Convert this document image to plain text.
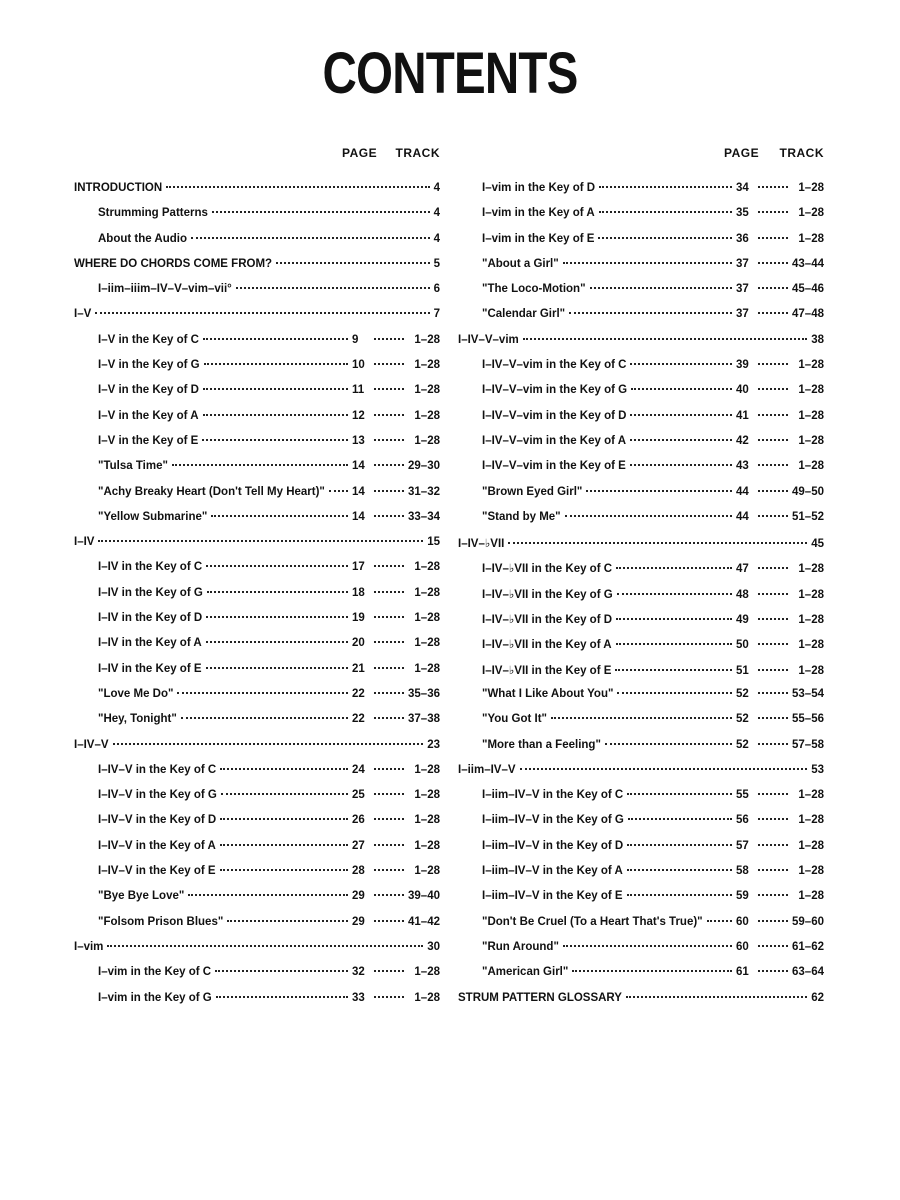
CONTENTS
PAGE TRACK
INTRODUCTION	4
Strumming Patterns	4
About the Audio	4
WHERE DO CHORDS COME FROM?	5
I–iim–iiim–IV–V–vim–vii°	6
I–V	7
I–V in the Key of C	9	1–28
I–V in the Key of G	10	1–28
I–V in the Key of D	11	1–28
I–V in the Key of A	12	1–28
I–V in the Key of E	13	1–28
"Tulsa Time"	14	29–30
"Achy Breaky Heart (Don't Tell My Heart)" 14	31–32
"Yellow Submarine"	14	33–34
I–IV	15
I–IV in the Key of C	17	1–28
I–IV in the Key of G	18	1–28
I–IV in the Key of D	19	1–28
I–IV in the Key of A	20	1–28
I–IV in the Key of E	21	1–28
"Love Me Do"	22	35–36
"Hey, Tonight"	22	37–38
I–IV–V	23
I–IV–V in the Key of C	24	1–28
I–IV–V in the Key of G	25	1–28
I–IV–V in the Key of D	26	1–28
I–IV–V in the Key of A	27	1–28
I–IV–V in the Key of E	28	1–28
"Bye Bye Love"	29	39–40
"Folsom Prison Blues"	29	41–42
I–vim	30
I–vim in the Key of C	32	1–28
I–vim in the Key of G	33	1–28
PAGE TRACK
I–vim in the Key of D	34	1–28
I–vim in the Key of A	35	1–28
I–vim in the Key of E	36	1–28
"About a Girl"	37	43–44
"The Loco-Motion"	37	45–46
"Calendar Girl"	37	47–48
I–IV–V–vim	38
I–IV–V–vim in the Key of C	39	1–28
I–IV–V–vim in the Key of G	40	1–28
I–IV–V–vim in the Key of D	41	1–28
I–IV–V–vim in the Key of A	42	1–28
I–IV–V–vim in the Key of E	43	1–28
"Brown Eyed Girl"	44	49–50
"Stand by Me"	44	51–52
I–IV–♭VII	45
I–IV–♭VII in the Key of C	47	1–28
I–IV–♭VII in the Key of G	48	1–28
I–IV–♭VII in the Key of D	49	1–28
I–IV–♭VII in the Key of A	50	1–28
I–IV–♭VII in the Key of E	51	1–28
"What I Like About You"	52	53–54
"You Got It"	52	55–56
"More than a Feeling"	52	57–58
I–iim–IV–V	53
I–iim–IV–V in the Key of C	55	1–28
I–iim–IV–V in the Key of G	56	1–28
I–iim–IV–V in the Key of D	57	1–28
I–iim–IV–V in the Key of A	58	1–28
I–iim–IV–V in the Key of E	59	1–28
"Don't Be Cruel (To a Heart That's True)"	60	59–60
"Run Around"	60	61–62
"American Girl"	61	63–64
STRUM PATTERN GLOSSARY	62
